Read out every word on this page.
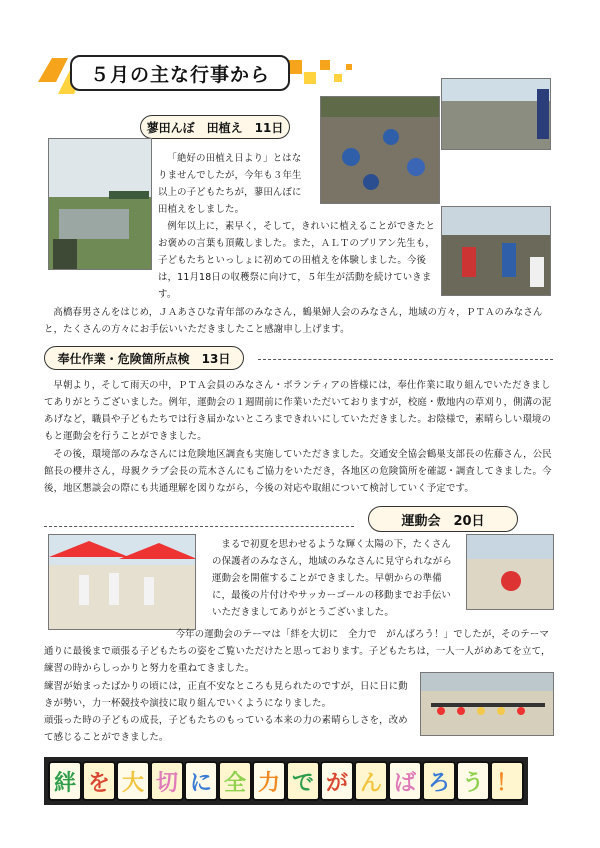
５月の主な行事から
蓼田んぼ　田植え　11日
「絶好の田植え日より」とはなりませんでしたが，今年も３年生以上の子どもたちが，蓼田んぼに田植えをしました。
例年以上に，素早く，そして，きれいに植えることができたとお褒めの言葉も頂戴しました。また，ＡＬＴのブリアン先生も，子どもたちといっしょに初めての田植えを体験しました。今後は，11月18日の収穫祭に向けて，５年生が活動を続けていきます。
高橋春男さんをはじめ，ＪＡあさひな青年部のみなさん，鶴巣婦人会のみなさん，地域の方々，ＰＴＡのみなさんと，たくさんの方々にお手伝いいただきましたこと感謝申し上げます。
奉仕作業・危険箇所点検　13日
早朝より，そして雨天の中，ＰＴＡ会員のみなさん・ボランティアの皆様には，奉仕作業に取り組んでいただきましてありがとうございました。例年，運動会の１週間前に作業いただいておりますが，校庭・敷地内の草刈り，側溝の泥あげなど，職員や子どもたちでは行き届かないところまできれいにしていただきました。お陰様で，素晴らしい環境のもと運動会を行うことができました。
その後，環境部のみなさんには危険地区調査も実施していただきました。交通安全協会鶴巣支部長の佐藤さん，公民館長の櫻井さん，母親クラブ会長の荒木さんにもご協力をいただき，各地区の危険箇所を確認・調査してきました。今後，地区懇談会の際にも共通理解を図りながら，今後の対応や取組について検討していく予定です。
運動会　20日
まるで初夏を思わせるような輝く太陽の下，たくさんの保護者のみなさん，地域のみなさんに見守られながら運動会を開催することができました。早朝からの準備に，最後の片付けやサッカーゴールの移動までお手伝いいただきましてありがとうございました。
今年の運動会のテーマは「絆を大切に　全力で　がんばろう！」でしたが，そのテーマ通りに最後まで頑張る子どもたちの姿をご覧いただけたと思っております。子どもたちは，一人一人がめあてを立て，練習の時からしっかりと努力を重ねてきました。
練習が始まったばかりの頃には，正直不安なところも見られたのですが，日に日に動きが勢い，力一杯競技や演技に取り組んでいくようになりました。
頑張った時の子どもの成長，子どもたちのもっている本来の力の素晴らしさを，改めて感じることができました。
絆 を 大 切 に 全 力 で が ん ば ろ う ！
